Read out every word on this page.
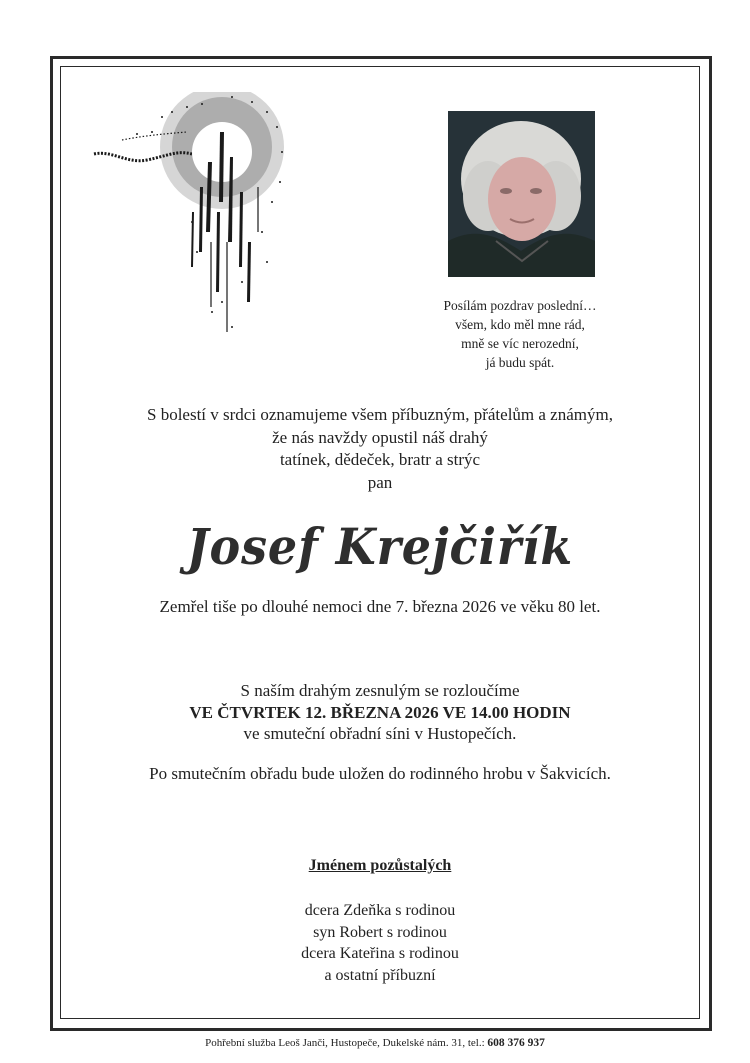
Posílám pozdrav poslední…
všem, kdo měl mne rád,
mně se víc nerozední,
já budu spát.
S bolestí v srdci oznamujeme všem příbuzným, přátelům a známým,
že nás navždy opustil náš drahý
tatínek, dědeček, bratr a strýc
pan
Josef Krejčiřík
Zemřel tiše po dlouhé nemoci dne 7. března 2026 ve věku 80 let.
S naším drahým zesnulým se rozloučíme
VE ČTVRTEK 12. BŘEZNA 2026 VE 14.00 HODIN
ve smuteční obřadní síni v Hustopečích.
Po smutečním obřadu bude uložen do rodinného hrobu v Šakvicích.
Jménem pozůstalých
dcera Zdeňka s rodinou
syn Robert s rodinou
dcera Kateřina s rodinou
a ostatní příbuzní
Pohřební služba Leoš Janči, Hustopeče, Dukelské nám. 31, tel.: 608 376 937
